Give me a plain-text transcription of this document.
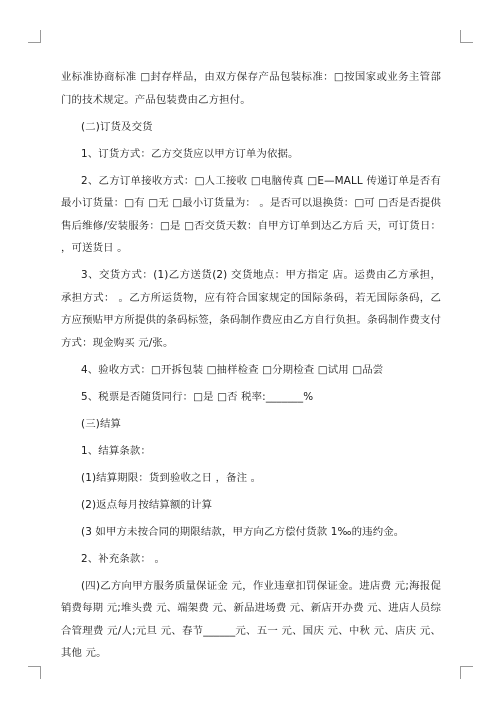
业标准协商标准 □封存样品，由双方保存产品包装标准：□按国家或业务主管部门的技术规定。产品包装费由乙方担付。

(二)订货及交货

1、订货方式：乙方交货应以甲方订单为依据。

2、乙方订单接收方式：□人工接收 □电脑传真 □E—MALL 传递订单是否有最小订货量：□有 □无 □最小订货量为： 。是否可以退换货：□可 □否是否提供售后维修/安装服务：□是 □否交货天数：自甲方订单到达乙方后 天，可订货日： ，可送货日 。

3、交货方式：(1)乙方送货(2) 交货地点：甲方指定 店。运费由乙方承担，承担方式： 。乙方所运货物，应有符合国家规定的国际条码，若无国际条码，乙方应预贴甲方所提供的条码标签，条码制作费应由乙方自行负担。条码制作费支付方式：现金购买 元/张。

4、验收方式：□开拆包装 □抽样检查 □分期检查 □试用 □品尝

5、税票是否随货同行：□是 □否 税率:_______%

(三)结算

1、结算条款：

(1)结算期限：货到验收之日 ，备注 。

(2)返点每月按结算额的计算

(3 如甲方未按合同的期限结款，甲方向乙方偿付货款 1‰的违约金。

2、补充条款： 。

(四)乙方向甲方服务质量保证金 元，作业违章扣罚保证金。进店费 元;海报促销费每期 元;堆头费 元、端架费 元、新品进场费 元、新店开办费 元、进店人员综合管理费 元/人;元旦 元、春节______元、五一 元、国庆 元、中秋 元、店庆 元、其他 元。
